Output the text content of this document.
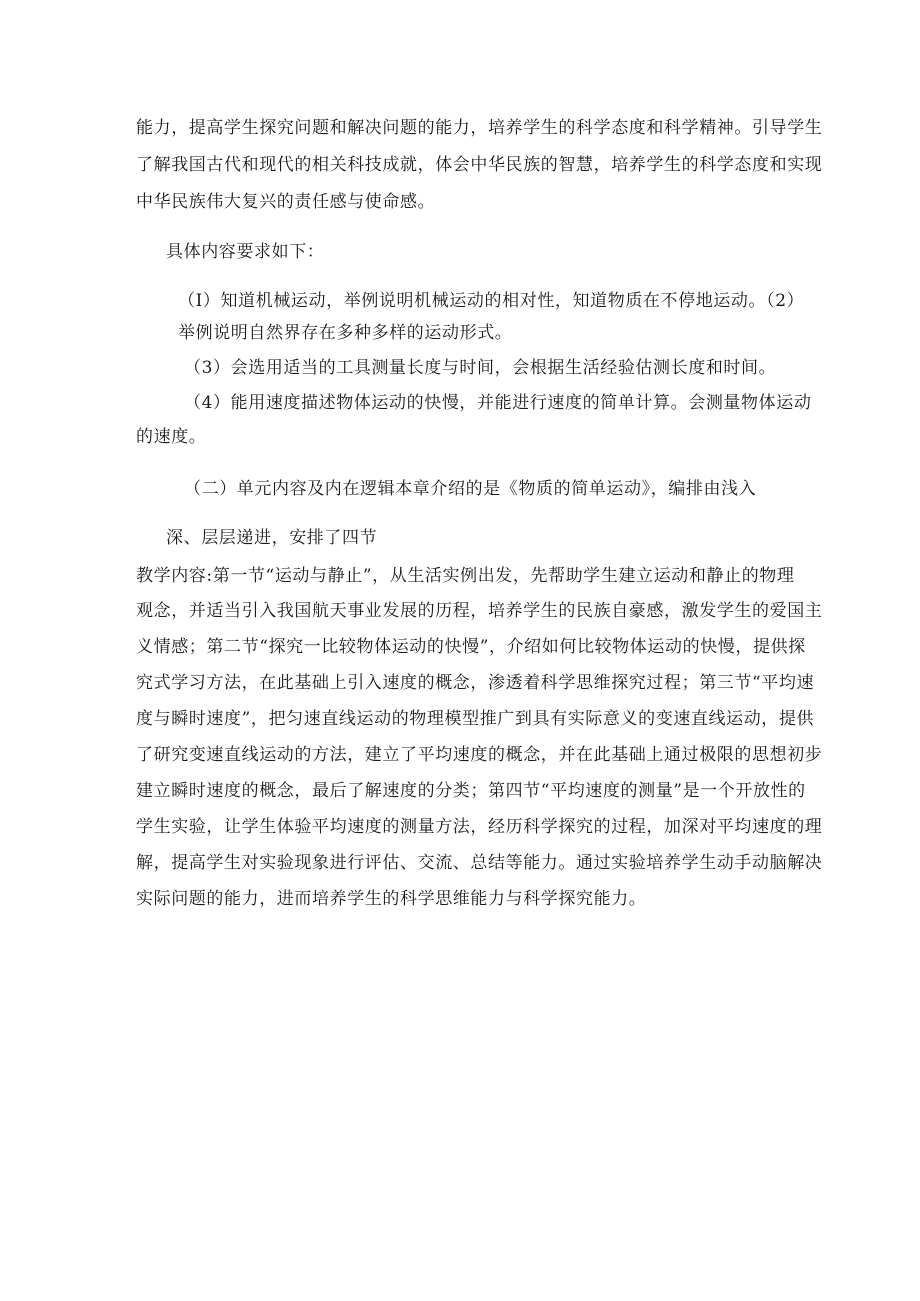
能力，提高学生探究问题和解决问题的能力，培养学生的科学态度和科学精神。引导学生
了解我国古代和现代的相关科技成就，体会中华民族的智慧，培养学生的科学态度和实现
中华民族伟大复兴的责任感与使命感。
具体内容要求如下：
（I）知道机械运动，举例说明机械运动的相对性，知道物质在不停地运动。（2）
举例说明自然界存在多种多样的运动形式。
（3）会选用适当的工具测量长度与时间，会根据生活经验估测长度和时间。
（4）能用速度描述物体运动的快慢，并能进行速度的简单计算。会测量物体运动
的速度。
（二）单元内容及内在逻辑本章介绍的是《物质的简单运动》，编排由浅入
深、层层递进，安排了四节
教学内容:第一节“运动与静止”，从生活实例出发，先帮助学生建立运动和静止的物理
观念，并适当引入我国航天事业发展的历程，培养学生的民族自豪感，激发学生的爱国主
义情感；第二节“探究一比较物体运动的快慢”，介绍如何比较物体运动的快慢，提供探
究式学习方法，在此基础上引入速度的概念，渗透着科学思维探究过程；第三节“平均速
度与瞬时速度”，把匀速直线运动的物理模型推广到具有实际意义的变速直线运动，提供
了研究变速直线运动的方法，建立了平均速度的概念，并在此基础上通过极限的思想初步
建立瞬时速度的概念，最后了解速度的分类；第四节“平均速度的测量”是一个开放性的
学生实验，让学生体验平均速度的测量方法，经历科学探究的过程，加深对平均速度的理
解，提高学生对实验现象进行评估、交流、总结等能力。通过实验培养学生动手动脑解决
实际问题的能力，进而培养学生的科学思维能力与科学探究能力。
